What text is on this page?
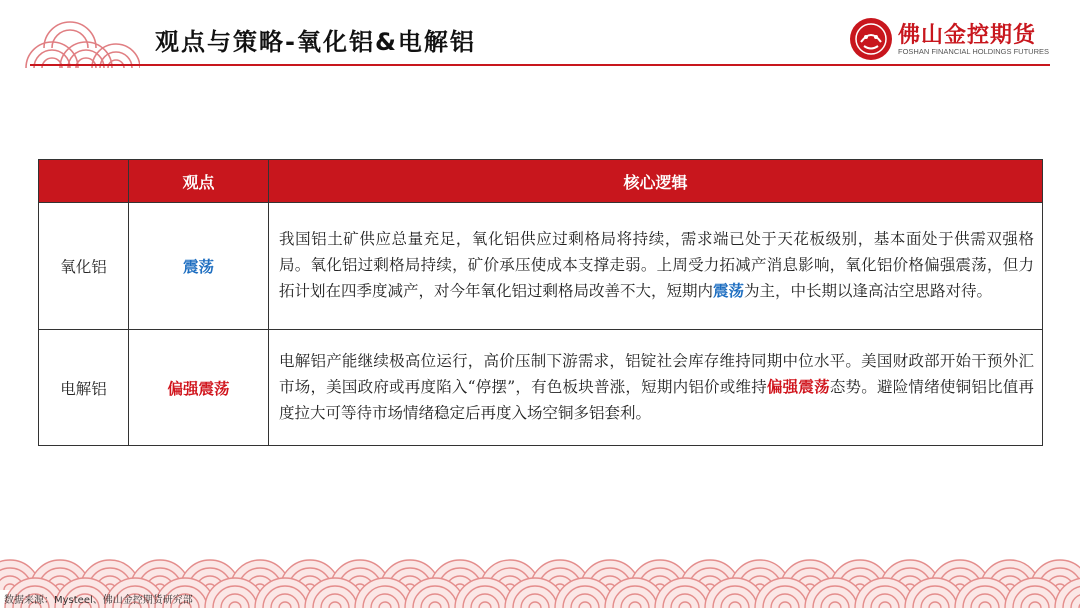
观点与策略-氧化铝&电解铝	佛山金控期货
FOSHAN FINANCIAL HOLDINGS FUTURES
	观点	核心逻辑
氧化铝	震荡	我国铝土矿供应总量充足，氧化铝供应过剩格局将持续，需求端已处于天花板级别，基本面处于供需双强格局。氧化铝过剩格局持续，矿价承压使成本支撑走弱。上周受力拓减产消息影响，氧化铝价格偏强震荡，但力拓计划在四季度减产，对今年氧化铝过剩格局改善不大，短期内震荡为主，中长期以逢高沽空思路对待。
电解铝	偏强震荡	电解铝产能继续极高位运行，高价压制下游需求，铝锭社会库存维持同期中位水平。美国财政部开始干预外汇市场，美国政府或再度陷入“停摆”，有色板块普涨，短期内铝价或维持偏强震荡态势。避险情绪使铜铝比值再度拉大可等待市场情绪稳定后再度入场空铜多铝套利。
数据来源：Mysteel、佛山金控期货研究部
